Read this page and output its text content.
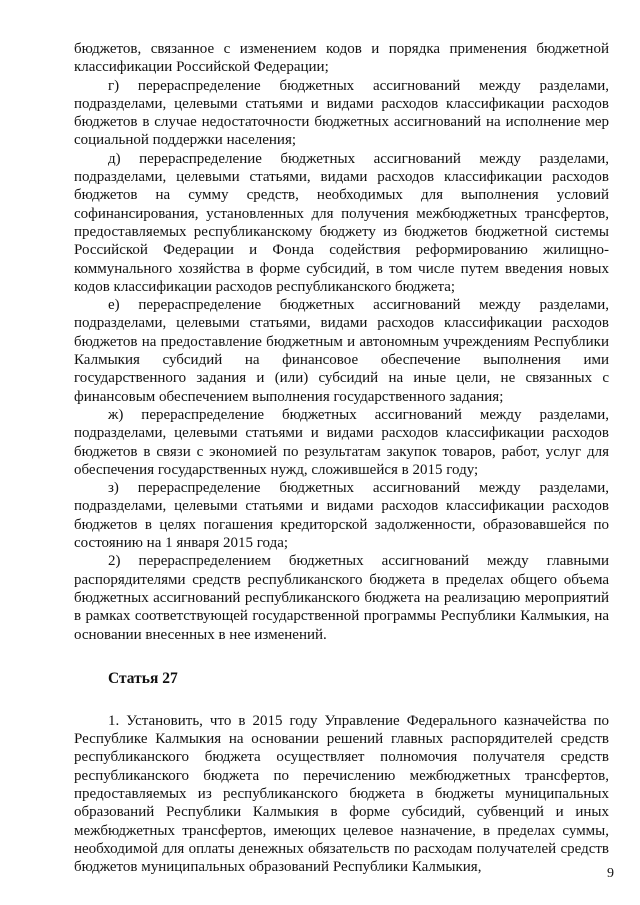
бюджетов, связанное с изменением кодов и порядка применения бюджетной классификации Российской Федерации;

г) перераспределение бюджетных ассигнований между разделами, подразделами, целевыми статьями и видами расходов классификации расходов бюджетов в случае недостаточности бюджетных ассигнований на исполнение мер социальной поддержки населения;

д) перераспределение бюджетных ассигнований между разделами, подразделами, целевыми статьями, видами расходов классификации расходов бюджетов на сумму средств, необходимых для выполнения условий софинансирования, установленных для получения межбюджетных трансфертов, предоставляемых республиканскому бюджету из бюджетов бюджетной системы Российской Федерации и Фонда содействия реформированию жилищно-коммунального хозяйства в форме субсидий, в том числе путем введения новых кодов классификации расходов республиканского бюджета;

е) перераспределение бюджетных ассигнований между разделами, подразделами, целевыми статьями, видами расходов классификации расходов бюджетов на предоставление бюджетным и автономным учреждениям Республики Калмыкия субсидий на финансовое обеспечение выполнения ими государственного задания и (или) субсидий на иные цели, не связанных с финансовым обеспечением выполнения государственного задания;

ж) перераспределение бюджетных ассигнований между разделами, подразделами, целевыми статьями и видами расходов классификации расходов бюджетов в связи с экономией по результатам закупок товаров, работ, услуг для обеспечения государственных нужд, сложившейся в 2015 году;

з) перераспределение бюджетных ассигнований между разделами, подразделами, целевыми статьями и видами расходов классификации расходов бюджетов в целях погашения кредиторской задолженности, образовавшейся по состоянию на 1 января 2015 года;

2) перераспределением бюджетных ассигнований между главными распорядителями средств республиканского бюджета в пределах общего объема бюджетных ассигнований республиканского бюджета на реализацию мероприятий в рамках соответствующей государственной программы Республики Калмыкия, на основании внесенных в нее изменений.

Статья 27

1. Установить, что в 2015 году Управление Федерального казначейства по Республике Калмыкия на основании решений главных распорядителей средств республиканского бюджета осуществляет полномочия получателя средств республиканского бюджета по перечислению межбюджетных трансфертов, предоставляемых из республиканского бюджета в бюджеты муниципальных образований Республики Калмыкия в форме субсидий, субвенций и иных межбюджетных трансфертов, имеющих целевое назначение, в пределах суммы, необходимой для оплаты денежных обязательств по расходам получателей средств бюджетов муниципальных образований Республики Калмыкия,	9
